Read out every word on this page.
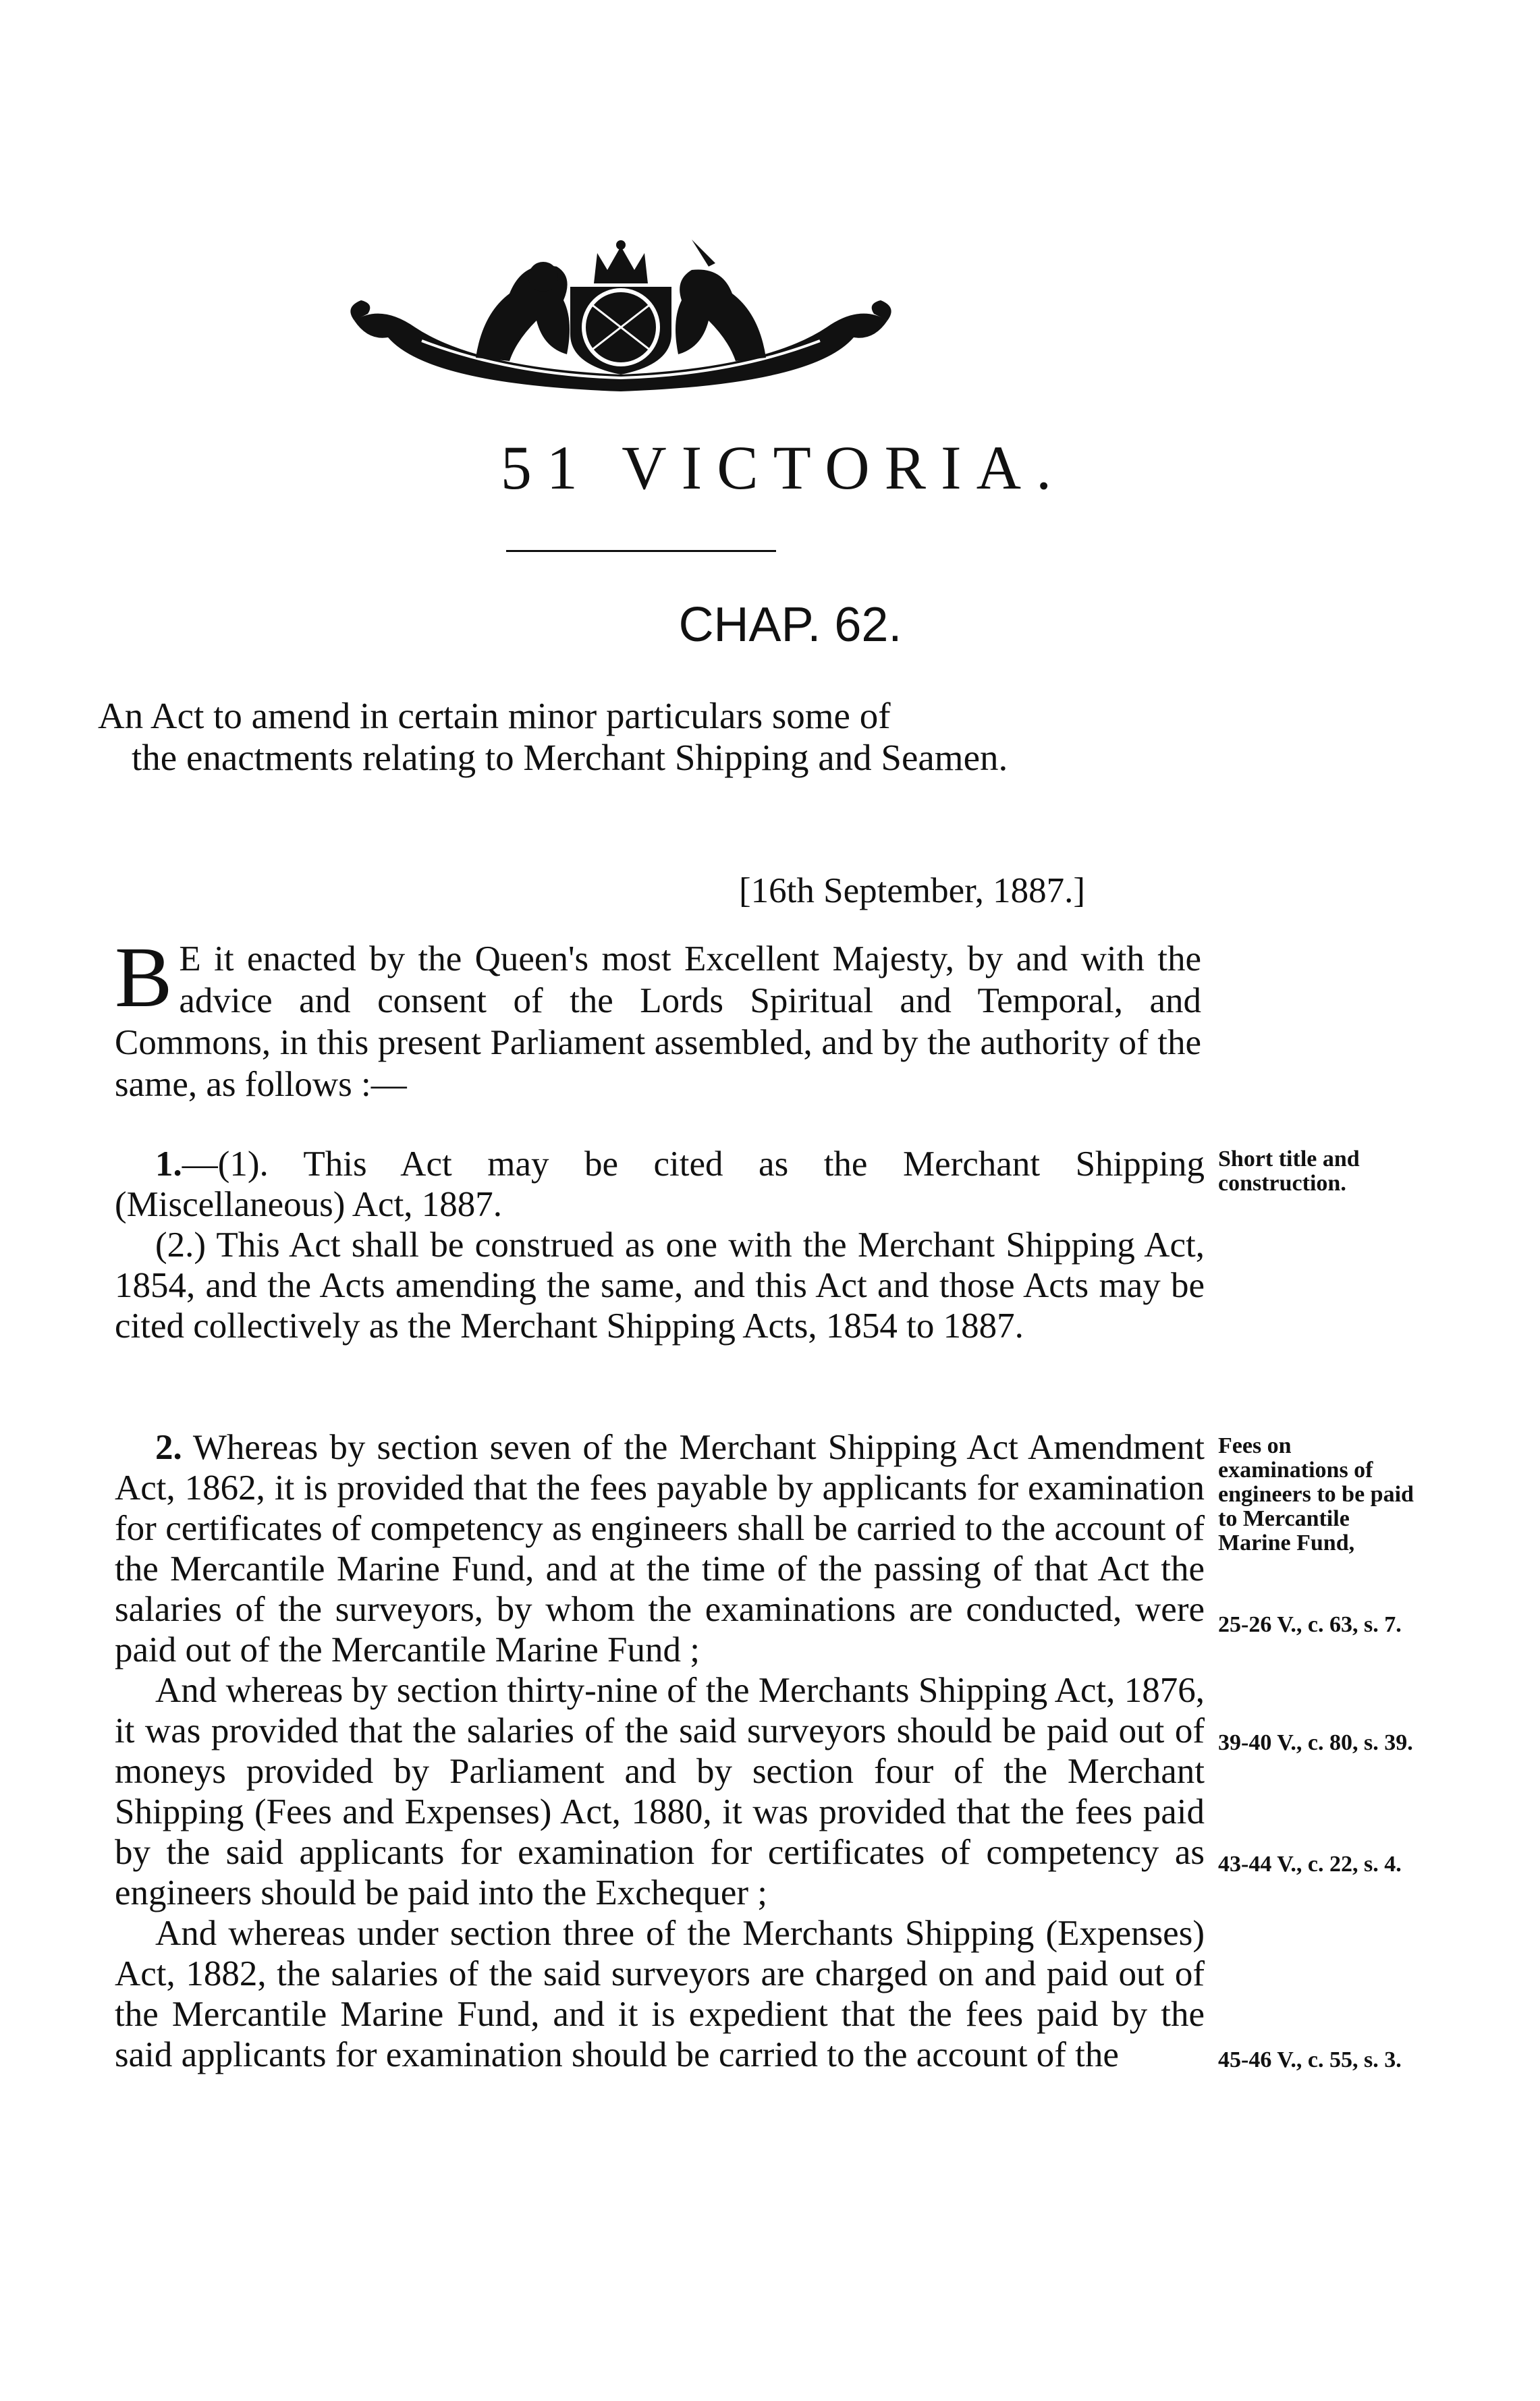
51 VICTORIA.
CHAP. 62.
An Act to amend in certain minor particulars some of
the enactments relating to Merchant Shipping and Seamen.
[16th September, 1887.]
B E it enacted by the Queen's most Excellent Majesty, by and with the advice and consent of the Lords Spiritual and Temporal, and Commons, in this present Parliament assembled, and by the authority of the same, as follows :—

1.—(1). This Act may be cited as the Merchant Shipping (Miscellaneous) Act, 1887.

(2.) This Act shall be construed as one with the Merchant Shipping Act, 1854, and the Acts amending the same, and this Act and those Acts may be cited collectively as the Merchant Shipping Acts, 1854 to 1887.

2. Whereas by section seven of the Merchant Shipping Act Amendment Act, 1862, it is provided that the fees payable by applicants for examination for certificates of competency as engineers shall be carried to the account of the Mercantile Marine Fund, and at the time of the passing of that Act the salaries of the surveyors, by whom the examinations are conducted, were paid out of the Mercantile Marine Fund ;

And whereas by section thirty-nine of the Merchants Shipping Act, 1876, it was provided that the salaries of the said surveyors should be paid out of moneys provided by Parliament and by section four of the Merchant Shipping (Fees and Expenses) Act, 1880, it was provided that the fees paid by the said applicants for examination for certificates of competency as engineers should be paid into the Exchequer ;

And whereas under section three of the Merchants Shipping (Expenses) Act, 1882, the salaries of the said surveyors are charged on and paid out of the Mercantile Marine Fund, and it is expedient that the fees paid by the said applicants for examination should be carried to the account of the

Short title and construction.
Fees on examinations of engineers to be paid to Mercantile Marine Fund,
25-26 V., c. 63, s. 7.
39-40 V., c. 80, s. 39.
43-44 V., c. 22, s. 4.
45-46 V., c. 55, s. 3.
